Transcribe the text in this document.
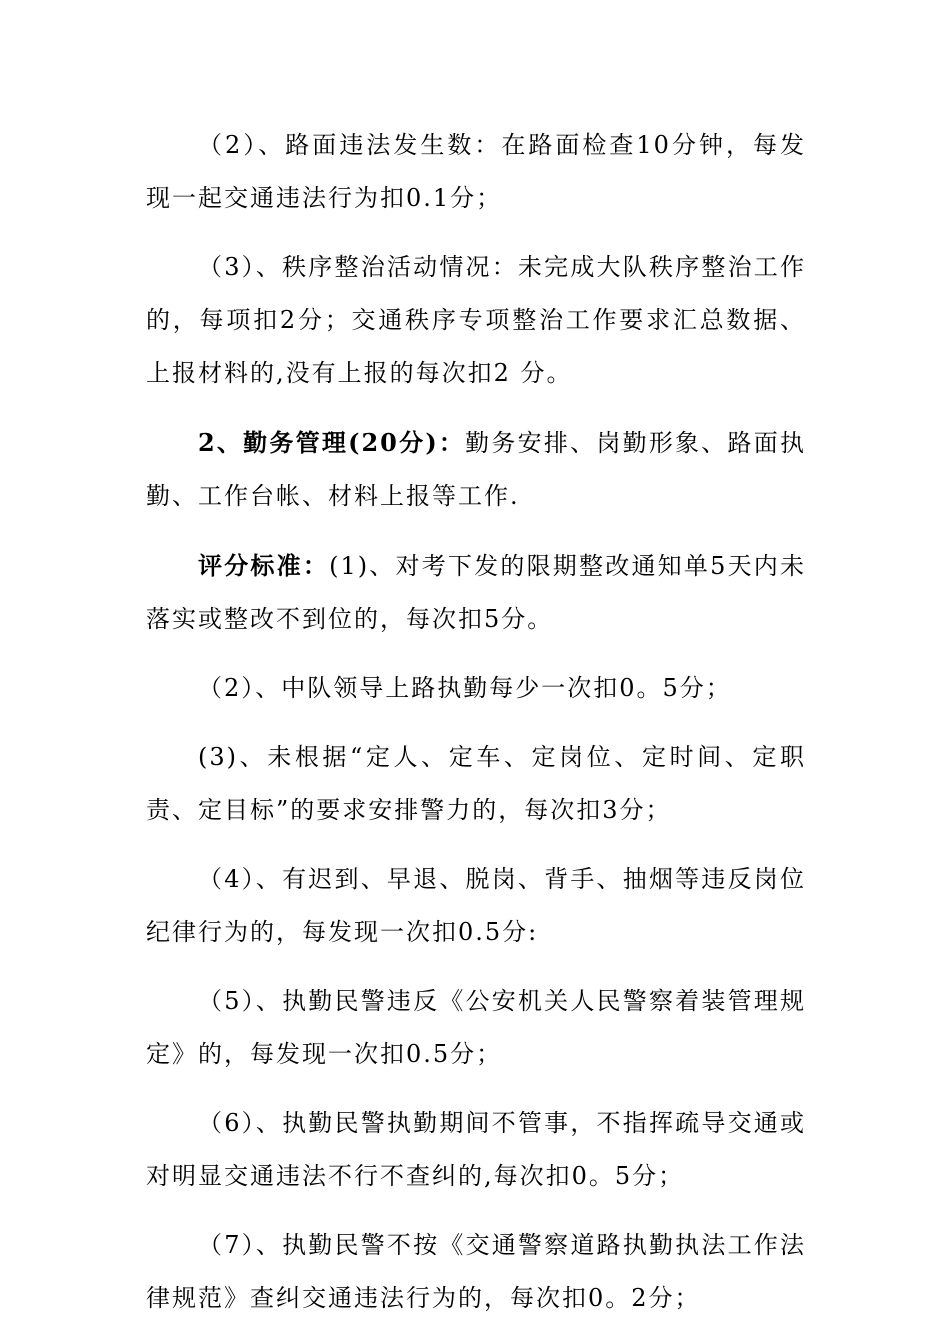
（2）、路面违法发生数：在路面检查10分钟，每发现一起交通违法行为扣0.1分；

（3）、秩序整治活动情况：未完成大队秩序整治工作的，每项扣2分；交通秩序专项整治工作要求汇总数据、上报材料的,没有上报的每次扣2 分。

2、勤务管理(20分)：勤务安排、岗勤形象、路面执勤、工作台帐、材料上报等工作.

评分标准：(1)、对考下发的限期整改通知单5天内未落实或整改不到位的，每次扣5分。

（2）、中队领导上路执勤每少一次扣0。5分；

(3)、未根据“定人、定车、定岗位、定时间、定职责、定目标”的要求安排警力的，每次扣3分；

（4）、有迟到、早退、脱岗、背手、抽烟等违反岗位纪律行为的，每发现一次扣0.5分:

（5）、执勤民警违反《公安机关人民警察着装管理规定》的，每发现一次扣0.5分；

（6）、执勤民警执勤期间不管事，不指挥疏导交通或对明显交通违法不行不查纠的,每次扣0。5分；

（7）、执勤民警不按《交通警察道路执勤执法工作法律规范》查纠交通违法行为的，每次扣0。2分；
